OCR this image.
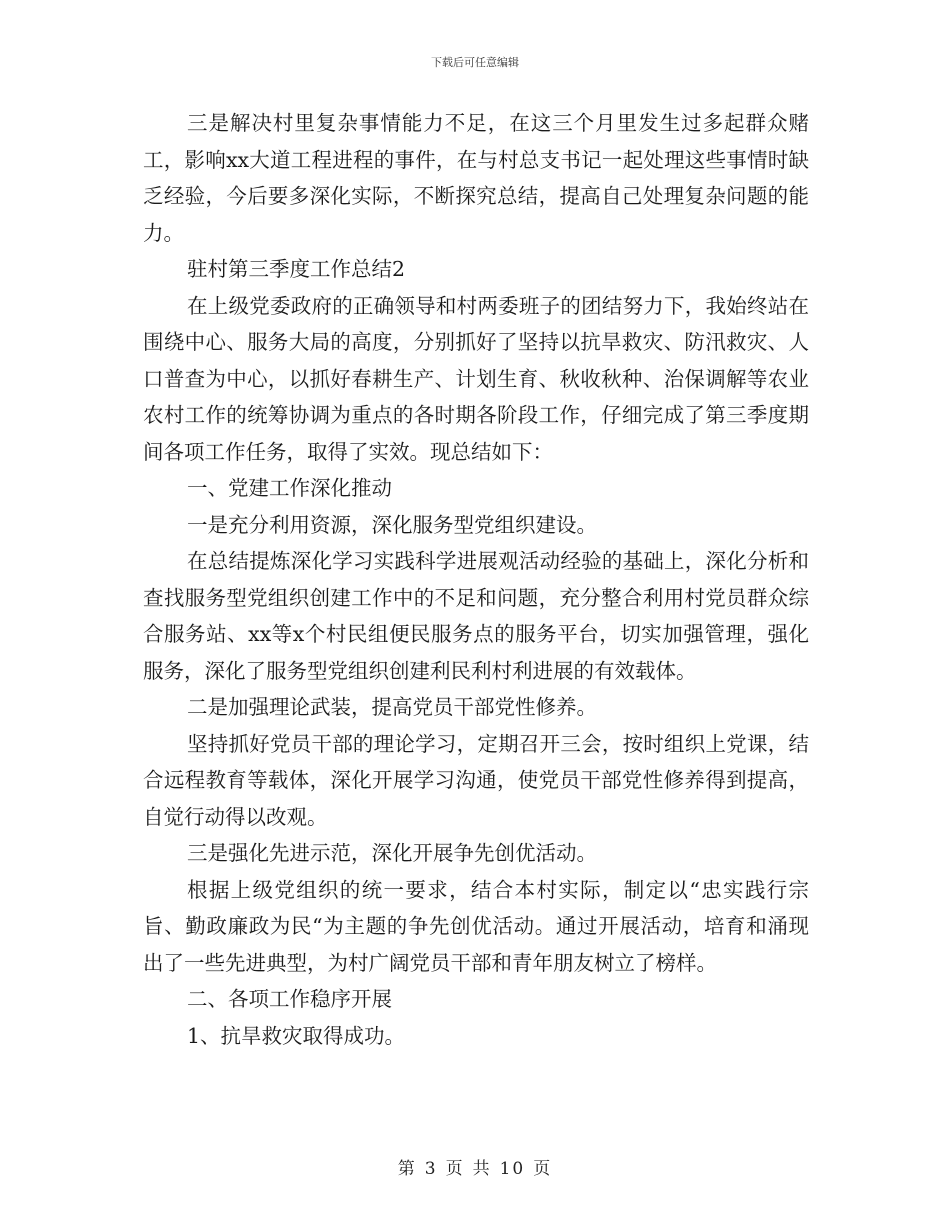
下载后可任意编辑

三是解决村里复杂事情能力不足，在这三个月里发生过多起群众赌工，影响xx大道工程进程的事件，在与村总支书记一起处理这些事情时缺乏经验，今后要多深化实际，不断探究总结，提高自己处理复杂问题的能力。

驻村第三季度工作总结2

在上级党委政府的正确领导和村两委班子的团结努力下，我始终站在围绕中心、服务大局的高度，分别抓好了坚持以抗旱救灾、防汛救灾、人口普查为中心，以抓好春耕生产、计划生育、秋收秋种、治保调解等农业农村工作的统筹协调为重点的各时期各阶段工作，仔细完成了第三季度期间各项工作任务，取得了实效。现总结如下：

一、党建工作深化推动

一是充分利用资源，深化服务型党组织建设。

在总结提炼深化学习实践科学进展观活动经验的基础上，深化分析和查找服务型党组织创建工作中的不足和问题，充分整合利用村党员群众综合服务站、xx等x个村民组便民服务点的服务平台，切实加强管理，强化服务，深化了服务型党组织创建利民利村利进展的有效载体。

二是加强理论武装，提高党员干部党性修养。

坚持抓好党员干部的理论学习，定期召开三会，按时组织上党课，结合远程教育等载体，深化开展学习沟通，使党员干部党性修养得到提高，自觉行动得以改观。

三是强化先进示范，深化开展争先创优活动。

根据上级党组织的统一要求，结合本村实际，制定以“忠实践行宗旨、勤政廉政为民“为主题的争先创优活动。通过开展活动，培育和涌现出了一些先进典型，为村广阔党员干部和青年朋友树立了榜样。

二、各项工作稳序开展

1、抗旱救灾取得成功。

第 3 页 共 10 页
